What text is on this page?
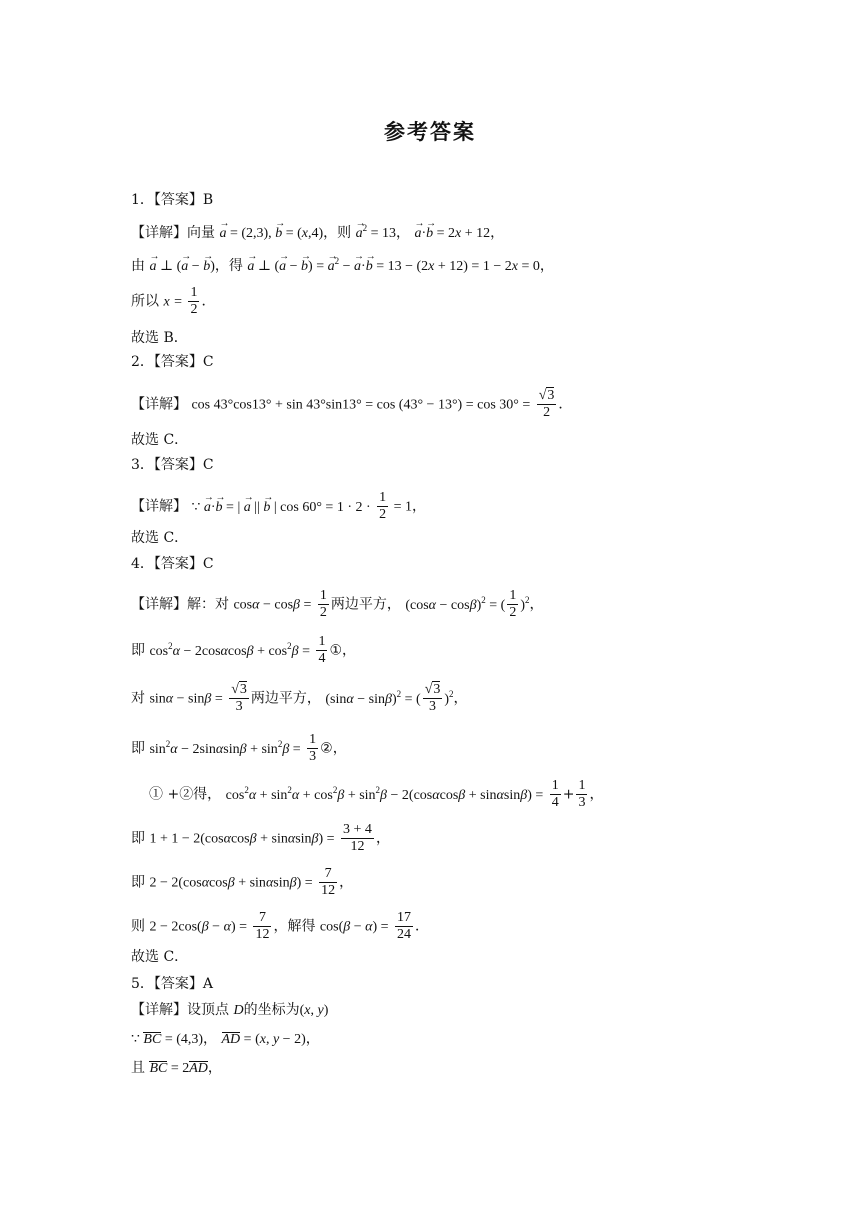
参考答案
1．【答案】B
【详解】向量 → a = (2,3), → b = (x,4)，则 → $a^2 = 13$， → a·→ b = 2x + 12，
由 → a ⊥ (→ a − → b)，得 → a ⊥ (→ a − → b) = → $a^2$ − → a·→ b = 13 − (2x + 12) = 1 − 2x = 0，
所以 $x = \frac{1}{2}$ ．
故选 B．
2．【答案】C
【详解】 $\cos 43^\circ\cos 13^\circ + \sin 43^\circ\sin 13^\circ = \cos (43^\circ - 13^\circ) = \cos 30^\circ = \frac{√3}{2}$ ．
故选 C．
3．【答案】C
【详解】 ∵ → a·→ b = | → a || → b | $\cos 60^\circ = 1 \cdot 2 \cdot \frac{1}{2} = 1$，
故选 C．
4．【答案】C
【详解】解：对 $\cos\alpha - \cos\beta = \frac{1}{2}$ 两边平方， $(\cos\alpha - \cos\beta)^2$ = ( $\frac{1}{2} )^2$，
即 $\cos^2\alpha - 2\cos\alpha\cos\beta + \cos^2\beta = \frac{1}{4}$ ①，
对 $\sin\alpha - \sin\beta = \frac{√3}{3}$ 两边平方， $(\sin\alpha - \sin\beta)^2$ = ( $\frac{√3}{3} )^2$，
即 $\sin^2\alpha - 2\sin\alpha\sin\beta + \sin^2\beta = \frac{1}{3}$ ②，
① +②得， $\cos^2\alpha + \sin^2\alpha + \cos^2\beta + \sin^2\beta - 2(\cos\alpha\cos\beta + \sin\alpha\sin\beta) = \frac{1}{4} + \frac{1}{3}$ ，
即 $1 + 1 - 2(\cos\alpha\cos\beta + \sin\alpha\sin\beta) = \frac{3 + 4}{12}$ ，
即 $2 - 2(\cos\alpha\cos\beta + \sin\alpha\sin\beta) = \frac{7}{12}$ ，
则 $2 - 2\cos(\beta - \alpha) = \frac{7}{12}$ ，解得 $\cos(\beta - \alpha) = \frac{17}{24}$ ．
故选 C．
5．【答案】A
【详解】设顶点 D的坐标为(x, y)
∵ BC = (4,3)， AD = (x, y − 2)，
且 BC = 2AD，
